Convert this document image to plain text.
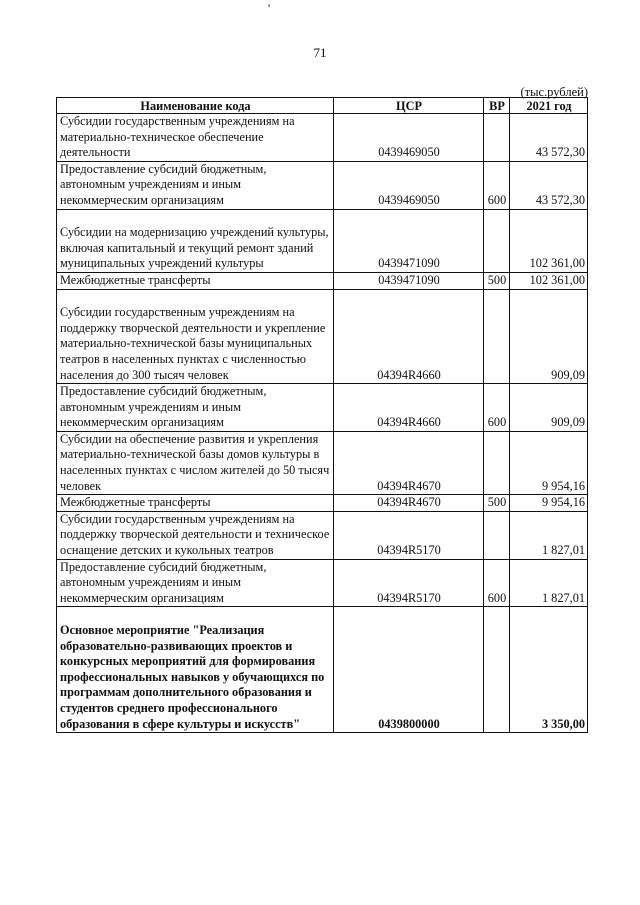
'
71
(тыс.рублей)
Наименование кода	ЦСР	ВР	2021 год
Субсидии государственным учреждениям на материально-техническое обеспечение деятельности	0439469050		43 572,30
Предоставление субсидий бюджетным, автономным учреждениям и иным некоммерческим организациям	0439469050	600	43 572,30

Субсидии на модернизацию учреждений культуры, включая капитальный и текущий ремонт зданий муниципальных учреждений культуры	0439471090		102 361,00
Межбюджетные трансферты	0439471090	500	102 361,00

Субсидии государственным учреждениям на поддержку творческой деятельности и укрепление материально-технической базы муниципальных театров в населенных пунктах с численностью населения до 300 тысяч человек	04394R4660		909,09
Предоставление субсидий бюджетным, автономным учреждениям и иным некоммерческим организациям	04394R4660	600	909,09
Субсидии на обеспечение развития и укрепления материально-технической базы домов культуры в населенных пунктах с числом жителей до 50 тысяч человек	04394R4670		9 954,16
Межбюджетные трансферты	04394R4670	500	9 954,16
Субсидии государственным учреждениям на поддержку творческой деятельности и техническое оснащение детских и кукольных театров	04394R5170		1 827,01
Предоставление субсидий бюджетным, автономным учреждениям и иным некоммерческим организациям	04394R5170	600	1 827,01

Основное мероприятие "Реализация образовательно-развивающих проектов и конкурсных мероприятий для формирования профессиональных навыков у обучающихся по программам дополнительного образования и студентов среднего профессионального образования в сфере культуры и искусств"	0439800000		3 350,00
